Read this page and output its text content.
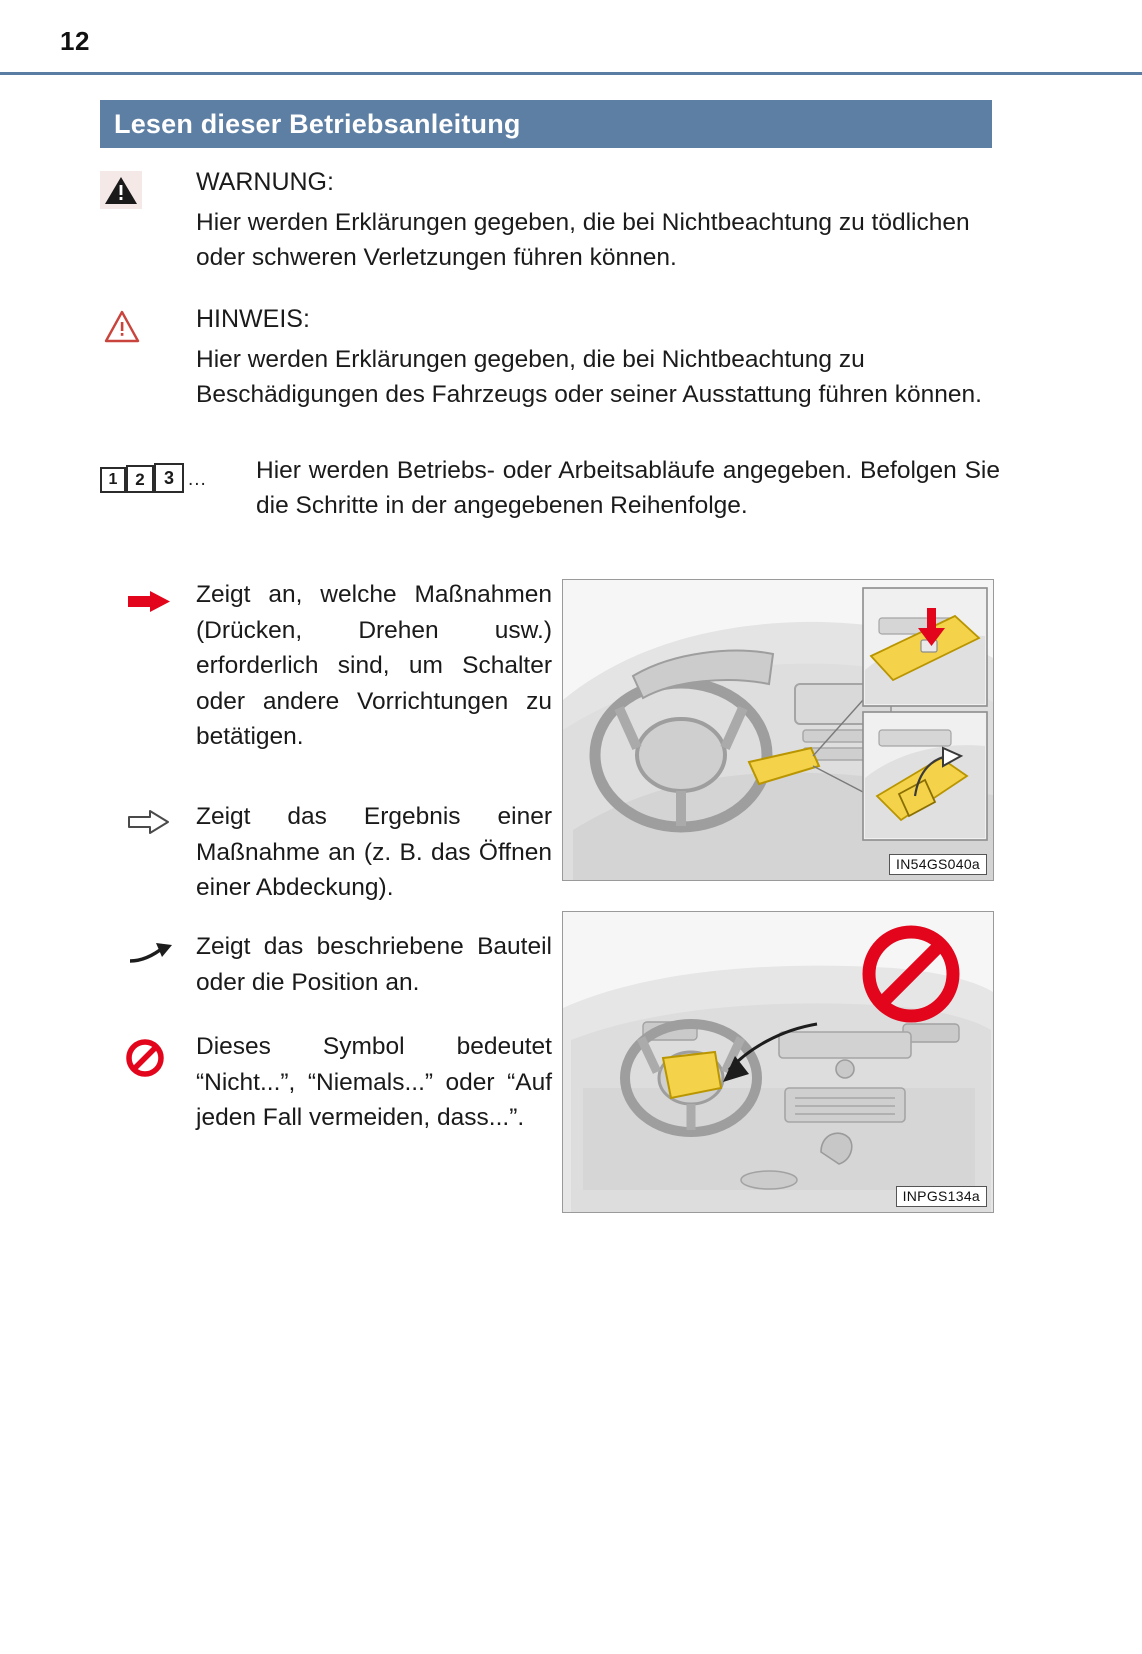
12
Lesen dieser Betriebsanleitung
WARNUNG:
Hier werden Erklärungen gegeben, die bei Nichtbeachtung zu tödlichen oder schweren Verletzungen führen können.
HINWEIS:
Hier werden Erklärungen gegeben, die bei Nichtbeachtung zu Beschädigungen des Fahrzeugs oder seiner Ausstattung führen können.
1	2	3 ... Hier werden Betriebs- oder Arbeitsabläufe angegeben. Befolgen Sie die Schritte in der angegebenen Reihenfolge.
IN54GS040a
INPGS134a
Zeigt an, welche Maßnahmen (Drücken, Drehen usw.) erforderlich sind, um Schalter oder andere Vorrichtungen zu betätigen.
Zeigt das Ergebnis einer Maßnahme an (z. B. das Öffnen einer Abdeckung).
Zeigt das beschriebene Bauteil oder die Position an.
Dieses Symbol bedeutet “Nicht...”, “Niemals...” oder “Auf jeden Fall vermeiden, dass...”.
